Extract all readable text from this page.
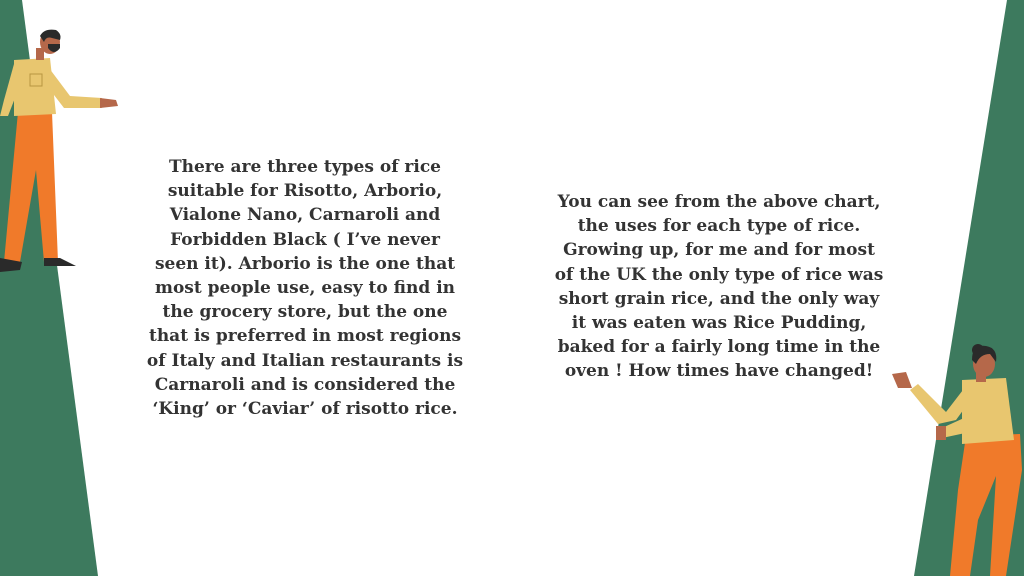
There are three types of rice suitable for Risotto, Arborio, Vialone Nano, Carnaroli and Forbidden Black ( I’ve never seen it). Arborio is the one that most people use, easy to find in the grocery store, but the one that is preferred in most regions of Italy and Italian restaurants is Carnaroli and is considered the ‘King’ or ‘Caviar’ of risotto rice.

You can see from the above chart, the uses for each type of rice. Growing up, for me and for most of the UK the only type of rice was short grain rice, and the only way it was eaten was Rice Pudding, baked for a fairly long time in the oven ! How times have changed!
